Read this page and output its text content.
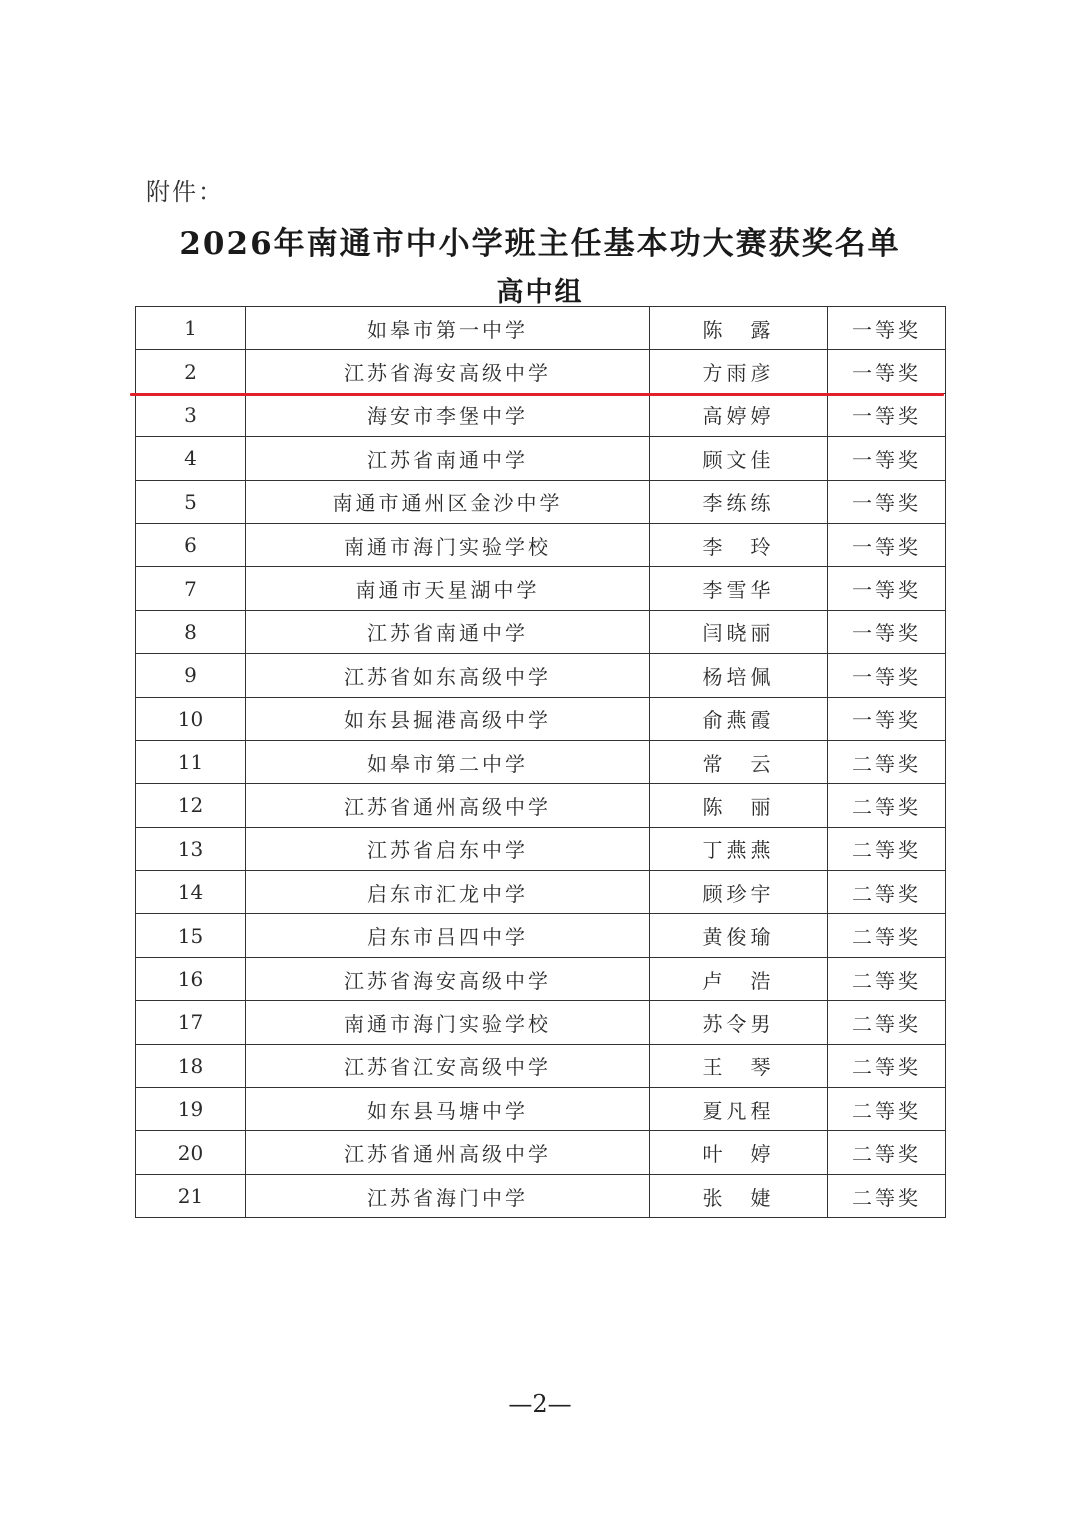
附件：
2026年南通市中小学班主任基本功大赛获奖名单
高中组
1	如皋市第一中学	陈　露	一等奖
2	江苏省海安高级中学	方雨彦	一等奖
3	海安市李堡中学	高婷婷	一等奖
4	江苏省南通中学	顾文佳	一等奖
5	南通市通州区金沙中学	李练练	一等奖
6	南通市海门实验学校	李　玲	一等奖
7	南通市天星湖中学	李雪华	一等奖
8	江苏省南通中学	闫晓丽	一等奖
9	江苏省如东高级中学	杨培佩	一等奖
10	如东县掘港高级中学	俞燕霞	一等奖
11	如皋市第二中学	常　云	二等奖
12	江苏省通州高级中学	陈　丽	二等奖
13	江苏省启东中学	丁燕燕	二等奖
14	启东市汇龙中学	顾珍宇	二等奖
15	启东市吕四中学	黄俊瑜	二等奖
16	江苏省海安高级中学	卢　浩	二等奖
17	南通市海门实验学校	苏令男	二等奖
18	江苏省江安高级中学	王　琴	二等奖
19	如东县马塘中学	夏凡程	二等奖
20	江苏省通州高级中学	叶　婷	二等奖
21	江苏省海门中学	张　婕	二等奖
—2—
